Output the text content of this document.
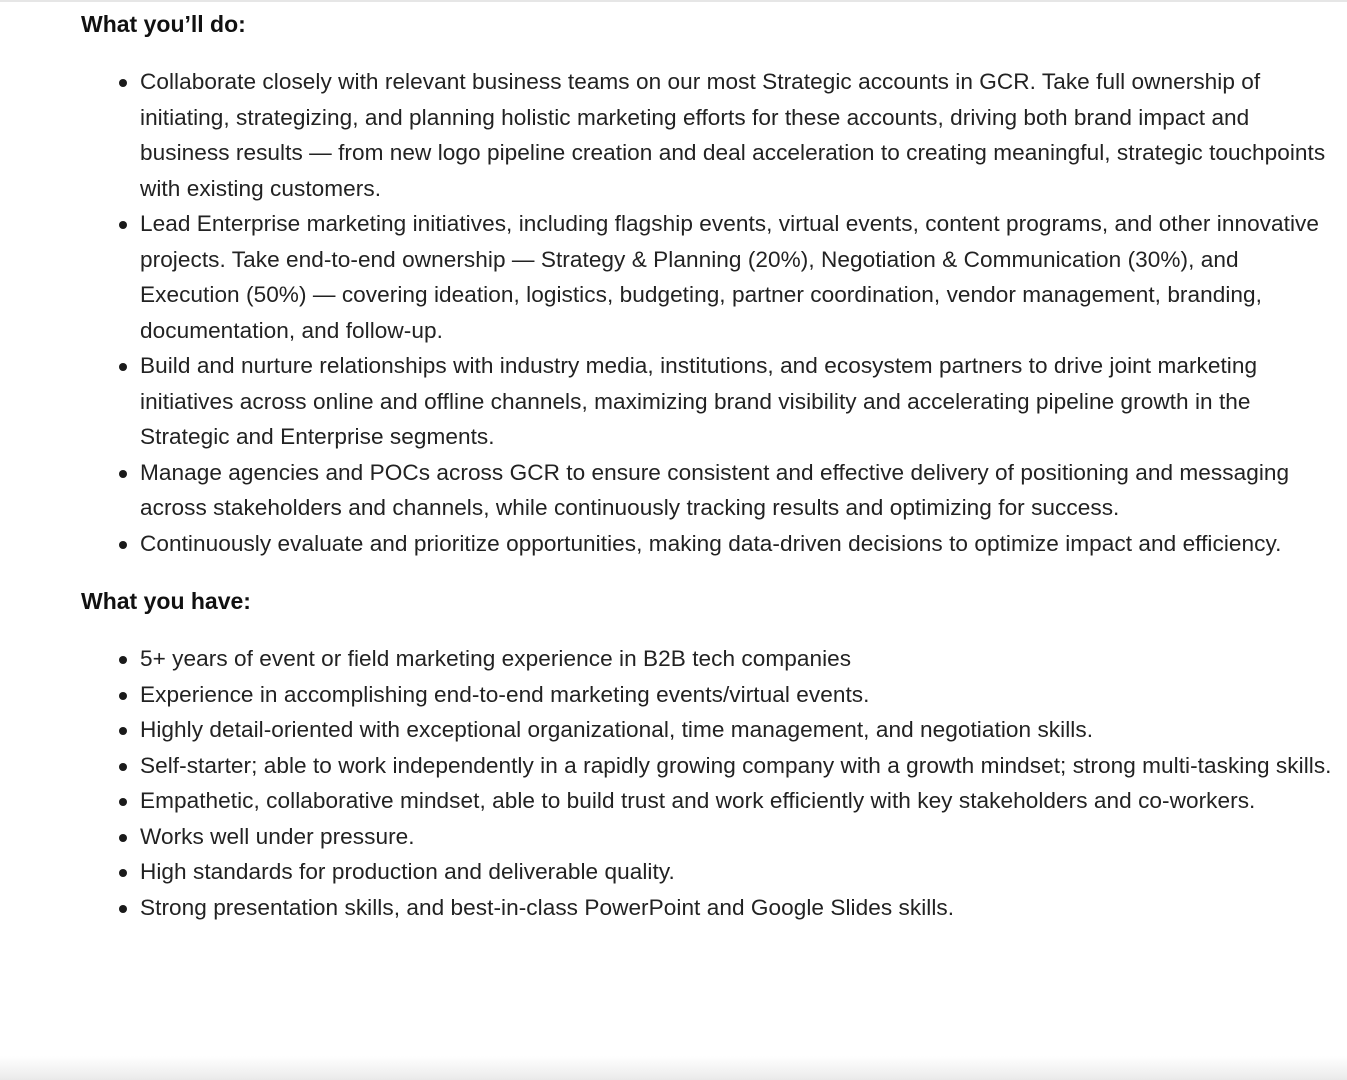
What you’ll do:
Collaborate closely with relevant business teams on our most Strategic accounts in GCR. Take full ownership of initiating, strategizing, and planning holistic marketing efforts for these accounts, driving both brand impact and business results — from new logo pipeline creation and deal acceleration to creating meaningful, strategic touchpoints with existing customers.
Lead Enterprise marketing initiatives, including flagship events, virtual events, content programs, and other innovative projects. Take end-to-end ownership — Strategy & Planning (20%), Negotiation & Communication (30%), and Execution (50%) — covering ideation, logistics, budgeting, partner coordination, vendor management, branding, documentation, and follow-up.
Build and nurture relationships with industry media, institutions, and ecosystem partners to drive joint marketing initiatives across online and offline channels, maximizing brand visibility and accelerating pipeline growth in the Strategic and Enterprise segments.
Manage agencies and POCs across GCR to ensure consistent and effective delivery of positioning and messaging across stakeholders and channels, while continuously tracking results and optimizing for success.
Continuously evaluate and prioritize opportunities, making data-driven decisions to optimize impact and efficiency.
What you have:
5+ years of event or field marketing experience in B2B tech companies
Experience in accomplishing end-to-end marketing events/virtual events.
Highly detail-oriented with exceptional organizational, time management, and negotiation skills.
Self-starter; able to work independently in a rapidly growing company with a growth mindset; strong multi-tasking skills.
Empathetic, collaborative mindset, able to build trust and work efficiently with key stakeholders and co-workers.
Works well under pressure.
High standards for production and deliverable quality.
Strong presentation skills, and best-in-class PowerPoint and Google Slides skills.
